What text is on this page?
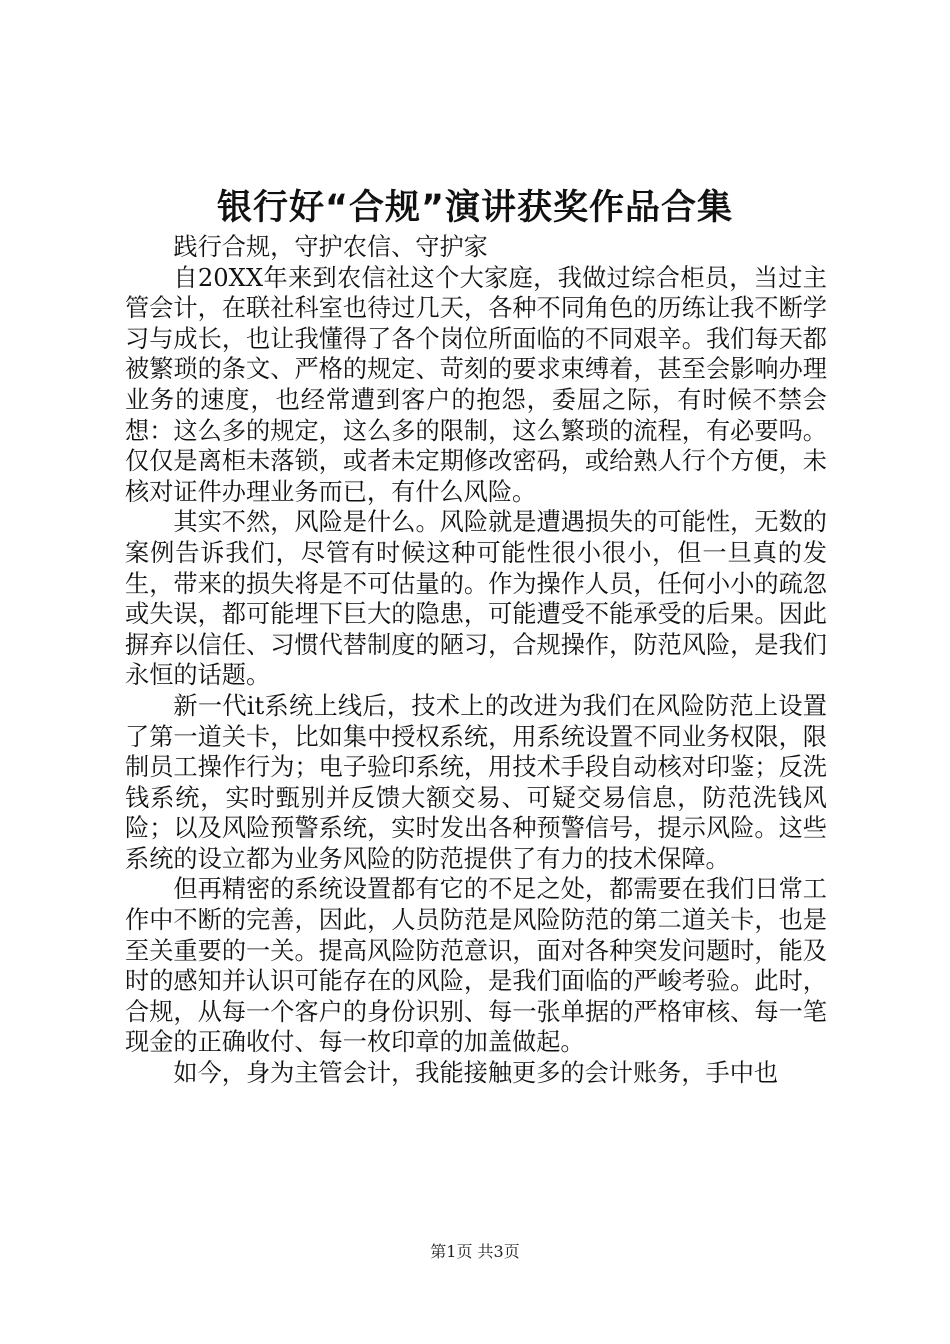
银行好“合规”演讲获奖作品合集

践行合规，守护农信、守护家

自20XX年来到农信社这个大家庭，我做过综合柜员，当过主管会计，在联社科室也待过几天，各种不同角色的历练让我不断学习与成长，也让我懂得了各个岗位所面临的不同艰辛。我们每天都被繁琐的条文、严格的规定、苛刻的要求束缚着，甚至会影响办理业务的速度，也经常遭到客户的抱怨，委屈之际，有时候不禁会想：这么多的规定，这么多的限制，这么繁琐的流程，有必要吗。仅仅是离柜未落锁，或者未定期修改密码，或给熟人行个方便，未核对证件办理业务而已，有什么风险。

其实不然，风险是什么。风险就是遭遇损失的可能性，无数的案例告诉我们，尽管有时候这种可能性很小很小，但一旦真的发生，带来的损失将是不可估量的。作为操作人员，任何小小的疏忽或失误，都可能埋下巨大的隐患，可能遭受不能承受的后果。因此摒弃以信任、习惯代替制度的陋习，合规操作，防范风险，是我们永恒的话题。

新一代it系统上线后，技术上的改进为我们在风险防范上设置了第一道关卡，比如集中授权系统，用系统设置不同业务权限，限制员工操作行为；电子验印系统，用技术手段自动核对印鉴；反洗钱系统，实时甄别并反馈大额交易、可疑交易信息，防范洗钱风险；以及风险预警系统，实时发出各种预警信号，提示风险。这些系统的设立都为业务风险的防范提供了有力的技术保障。

但再精密的系统设置都有它的不足之处，都需要在我们日常工作中不断的完善，因此，人员防范是风险防范的第二道关卡，也是至关重要的一关。提高风险防范意识，面对各种突发问题时，能及时的感知并认识可能存在的风险，是我们面临的严峻考验。此时，合规，从每一个客户的身份识别、每一张单据的严格审核、每一笔现金的正确收付、每一枚印章的加盖做起。

如今，身为主管会计，我能接触更多的会计账务，手中也

第1页 共3页
